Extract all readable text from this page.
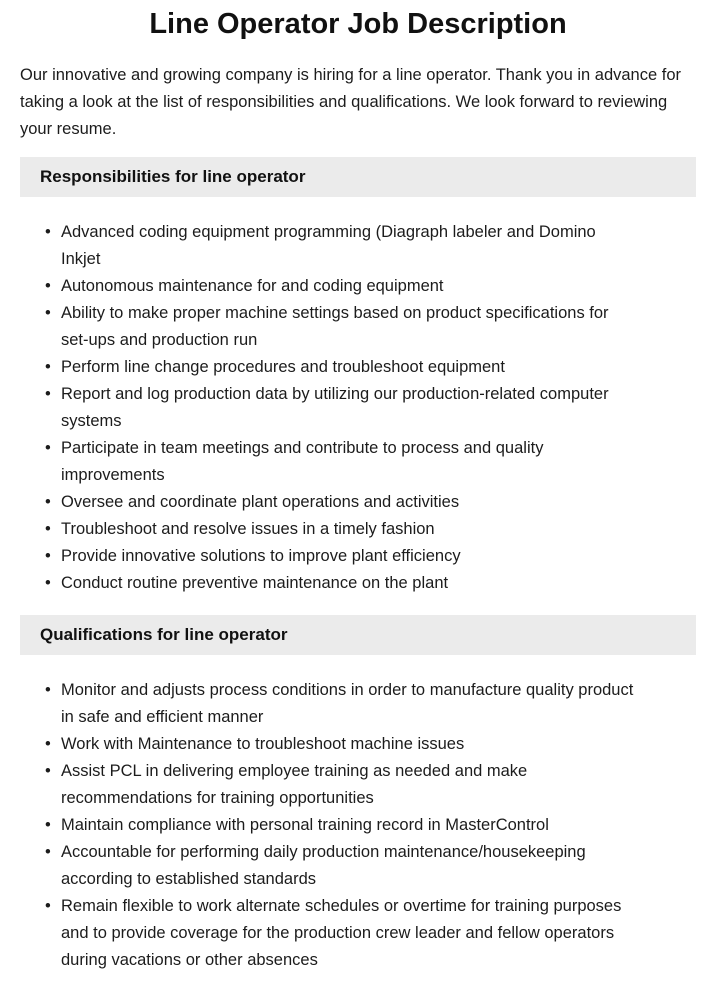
Line Operator Job Description

Our innovative and growing company is hiring for a line operator. Thank you in advance for taking a look at the list of responsibilities and qualifications. We look forward to reviewing your resume.

Responsibilities for line operator
• Advanced coding equipment programming (Diagraph labeler and Domino Inkjet
• Autonomous maintenance for and coding equipment
• Ability to make proper machine settings based on product specifications for set-ups and production run
• Perform line change procedures and troubleshoot equipment
• Report and log production data by utilizing our production-related computer systems
• Participate in team meetings and contribute to process and quality improvements
• Oversee and coordinate plant operations and activities
• Troubleshoot and resolve issues in a timely fashion
• Provide innovative solutions to improve plant efficiency
• Conduct routine preventive maintenance on the plant
Qualifications for line operator
• Monitor and adjusts process conditions in order to manufacture quality product in safe and efficient manner
• Work with Maintenance to troubleshoot machine issues
• Assist PCL in delivering employee training as needed and make recommendations for training opportunities
• Maintain compliance with personal training record in MasterControl
• Accountable for performing daily production maintenance/housekeeping according to established standards
• Remain flexible to work alternate schedules or overtime for training purposes and to provide coverage for the production crew leader and fellow operators during vacations or other absences
